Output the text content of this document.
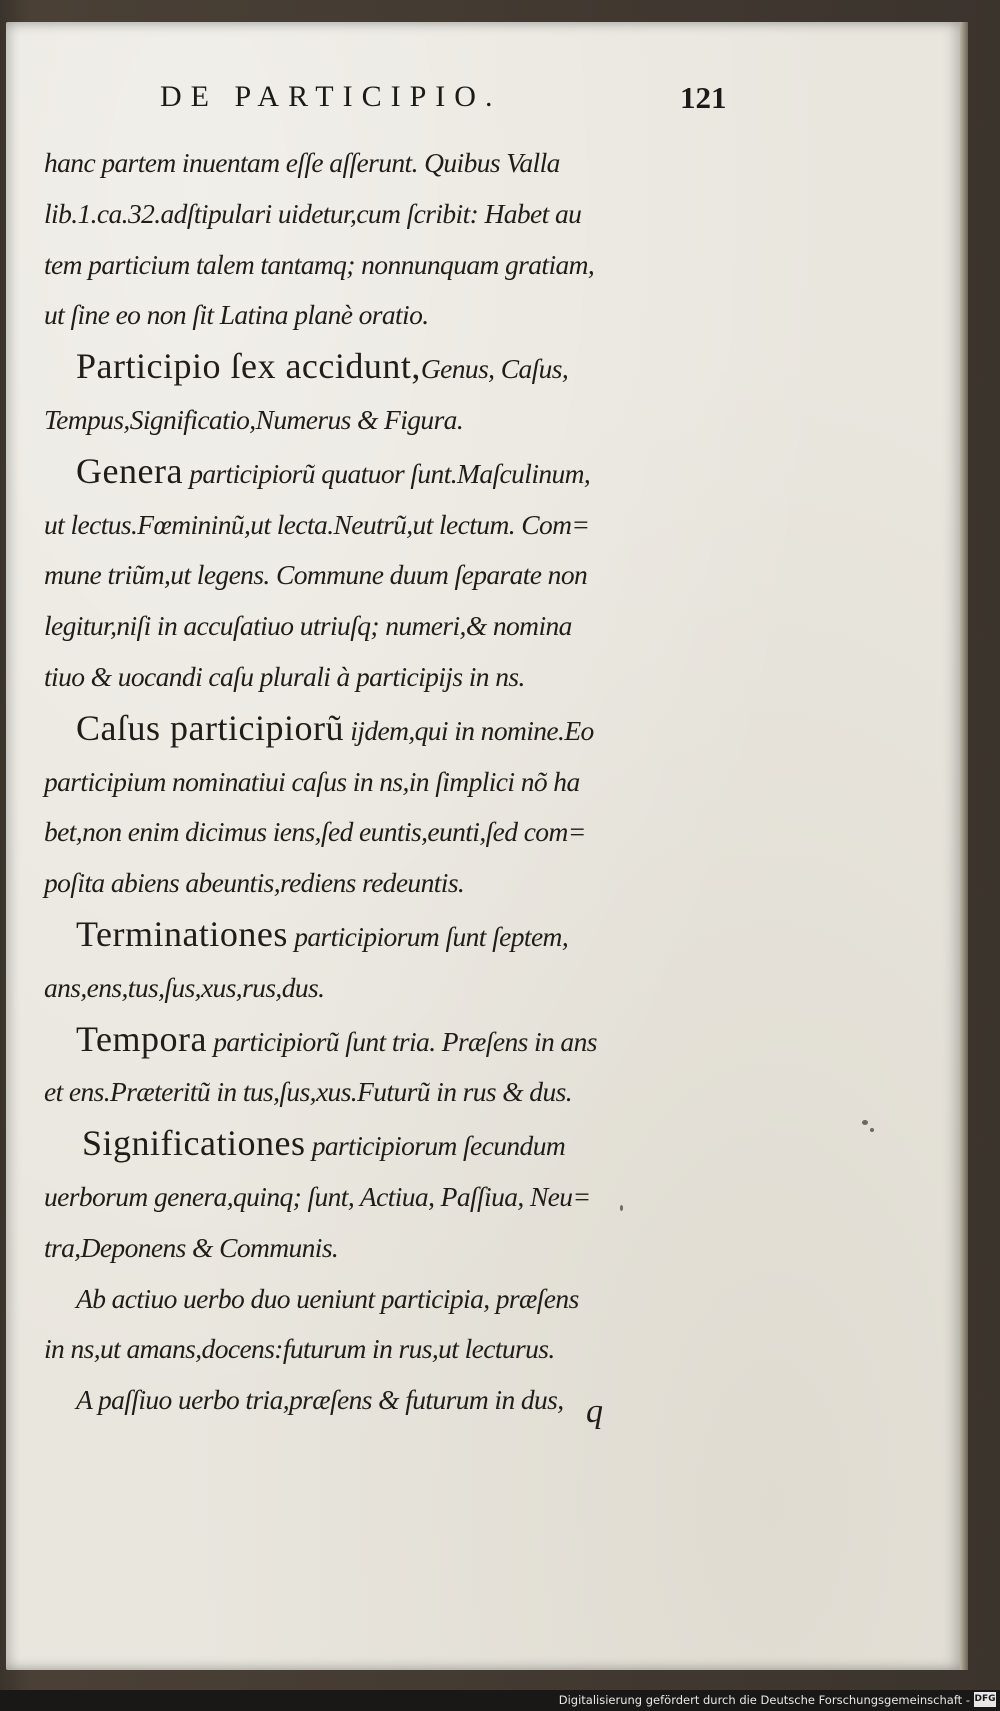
DE PARTICIPIO.	121

hanc partem inuentam eſſe aſſerunt. Quibus Valla

lib.1.ca.32.adſtipulari uidetur,cum ſcribit: Habet au

tem particium talem tantamq; nonnunquam gratiam,

ut ſine eo non ſit Latina planè oratio.

Participio ſex accidunt,Genus, Caſus,

Tempus,Significatio,Numerus & Figura.

Genera participiorũ quatuor ſunt.Maſculinum,

ut lectus.Fœmininũ,ut lecta.Neutrũ,ut lectum. Com=

mune triũm,ut legens. Commune duum ſeparate non

legitur,niſi in accuſatiuo utriuſq; numeri,& nomina

tiuo & uocandi caſu plurali à participijs in ns.

Caſus participiorũ ijdem,qui in nomine.Eo

participium nominatiui caſus in ns,in ſimplici nõ ha

bet,non enim dicimus iens,ſed euntis,eunti,ſed com=

poſita abiens abeuntis,rediens redeuntis.

Terminationes participiorum ſunt ſeptem,

ans,ens,tus,ſus,xus,rus,dus.

Tempora participiorũ ſunt tria. Præſens in ans

et ens.Præteritũ in tus,ſus,xus.Futurũ in rus & dus.

Significationes participiorum ſecundum

uerborum genera,quinq; ſunt, Actiua, Paſſiua, Neu=

tra,Deponens & Communis.

Ab actiuo uerbo duo ueniunt participia, præſens

in ns,ut amans,docens:futurum in rus,ut lecturus.

A paſſiuo uerbo tria,præſens & futurum in dus, q
Digitalisierung gefördert durch die Deutsche Forschungsgemeinschaft - DFG
